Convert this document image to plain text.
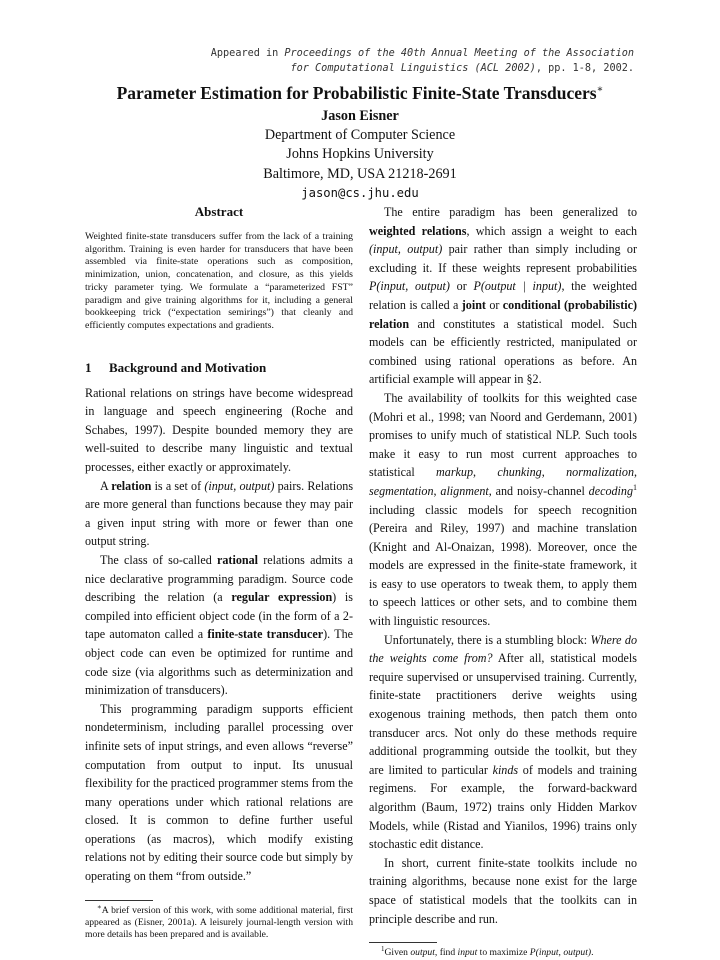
Appeared in Proceedings of the 40th Annual Meeting of the Association
for Computational Linguistics (ACL 2002), pp. 1-8, 2002.
Parameter Estimation for Probabilistic Finite-State Transducers∗
Jason Eisner
Department of Computer Science
Johns Hopkins University
Baltimore, MD, USA 21218-2691
jason@cs.jhu.edu
Abstract

Weighted finite-state transducers suffer from the lack of a training algorithm. Training is even harder for transducers that have been assembled via finite-state operations such as composition, minimization, union, concatenation, and closure, as this yields tricky parameter tying. We formulate a “parameterized FST” paradigm and give training algorithms for it, including a general bookkeeping trick (“expectation semirings”) that cleanly and efficiently computes expectations and gradients.

1 Background and Motivation

Rational relations on strings have become widespread in language and speech engineering (Roche and Schabes, 1997). Despite bounded memory they are well-suited to describe many linguistic and textual processes, either exactly or approximately.

A relation is a set of (input, output) pairs. Relations are more general than functions because they may pair a given input string with more or fewer than one output string.

The class of so-called rational relations admits a nice declarative programming paradigm. Source code describing the relation (a regular expression) is compiled into efficient object code (in the form of a 2-tape automaton called a finite-state transducer). The object code can even be optimized for runtime and code size (via algorithms such as determinization and minimization of transducers).

This programming paradigm supports efficient nondeterminism, including parallel processing over infinite sets of input strings, and even allows “reverse” computation from output to input. Its unusual flexibility for the practiced programmer stems from the many operations under which rational relations are closed. It is common to define further useful operations (as macros), which modify existing relations not by editing their source code but simply by operating on them “from outside.”

∗A brief version of this work, with some additional material, first appeared as (Eisner, 2001a). A leisurely journal-length version with more details has been prepared and is available.

The entire paradigm has been generalized to weighted relations, which assign a weight to each (input, output) pair rather than simply including or excluding it. If these weights represent probabilities P(input, output) or P(output | input), the weighted relation is called a joint or conditional (probabilistic) relation and constitutes a statistical model. Such models can be efficiently restricted, manipulated or combined using rational operations as before. An artificial example will appear in §2.

The availability of toolkits for this weighted case (Mohri et al., 1998; van Noord and Gerdemann, 2001) promises to unify much of statistical NLP. Such tools make it easy to run most current approaches to statistical markup, chunking, normalization, segmentation, alignment, and noisy-channel decoding$^1$ including classic models for speech recognition (Pereira and Riley, 1997) and machine translation (Knight and Al-Onaizan, 1998). Moreover, once the models are expressed in the finite-state framework, it is easy to use operators to tweak them, to apply them to speech lattices or other sets, and to combine them with linguistic resources.

Unfortunately, there is a stumbling block: Where do the weights come from? After all, statistical models require supervised or unsupervised training. Currently, finite-state practitioners derive weights using exogenous training methods, then patch them onto transducer arcs. Not only do these methods require additional programming outside the toolkit, but they are limited to particular kinds of models and training regimens. For example, the forward-backward algorithm (Baum, 1972) trains only Hidden Markov Models, while (Ristad and Yianilos, 1996) trains only stochastic edit distance.

In short, current finite-state toolkits include no training algorithms, because none exist for the large space of statistical models that the toolkits can in principle describe and run.

$^1$Given output, find input to maximize P(input, output).
